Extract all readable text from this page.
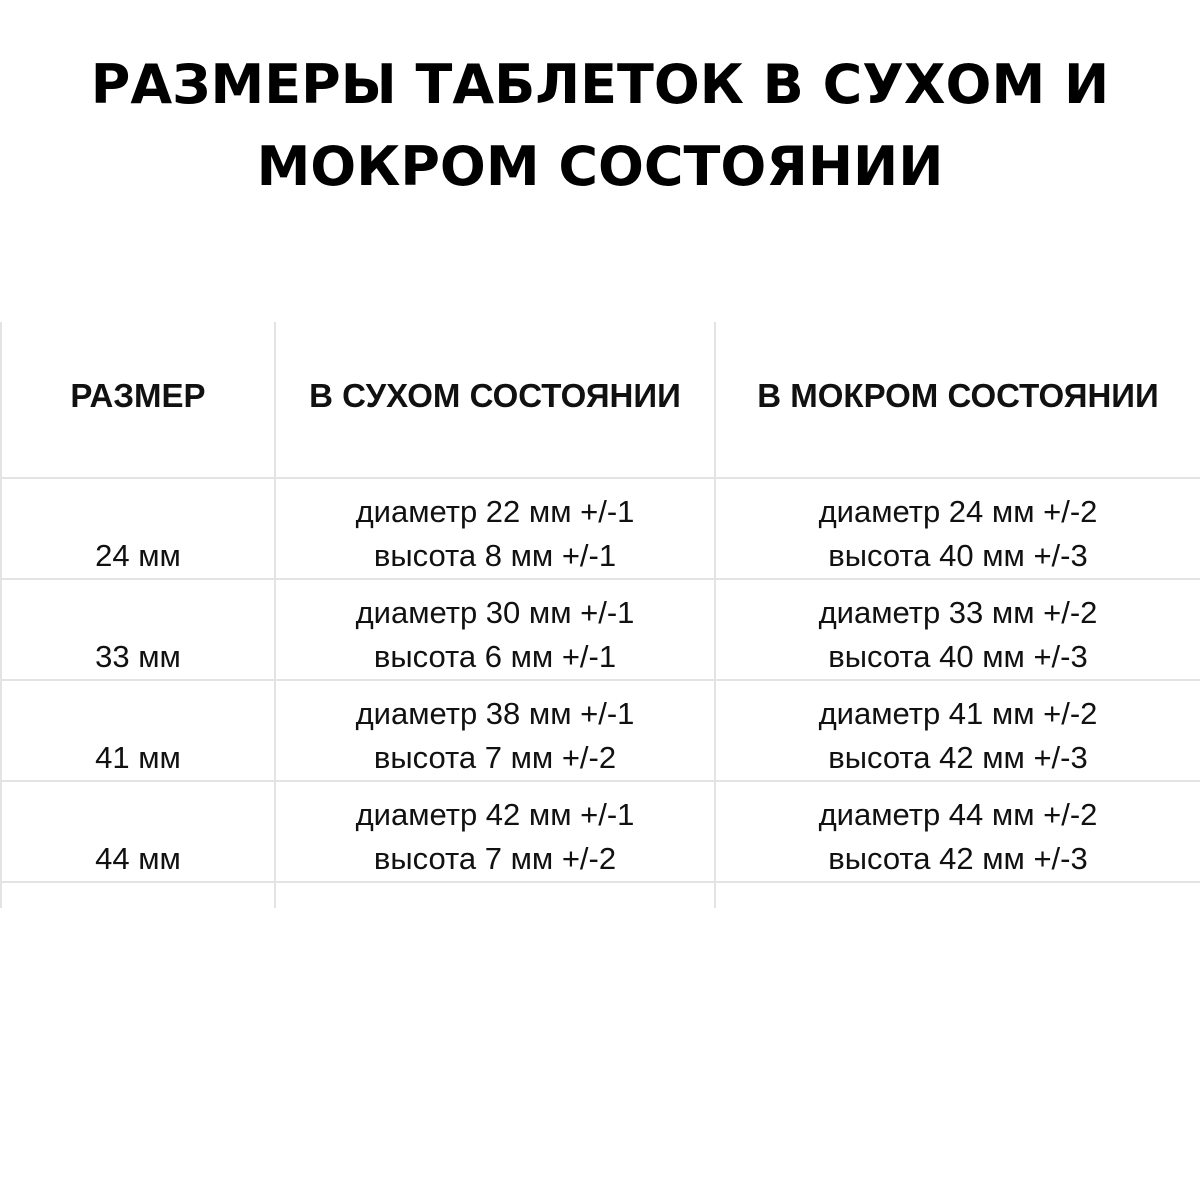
РАЗМЕРЫ ТАБЛЕТОК В СУХОМ И
МОКРОМ СОСТОЯНИИ
РАЗМЕР	В СУХОМ СОСТОЯНИИ	В МОКРОМ СОСТОЯНИИ
24 мм
диаметр 22 мм +/-1
высота 8 мм +/-1
диаметр 24 мм +/-2
высота 40 мм +/-3
33 мм
диаметр 30 мм +/-1
высота 6 мм +/-1
диаметр 33 мм +/-2
высота 40 мм +/-3
41 мм
диаметр 38 мм +/-1
высота 7 мм +/-2
диаметр 41 мм +/-2
высота 42 мм +/-3
44 мм
диаметр 42 мм +/-1
высота 7 мм +/-2
диаметр 44 мм +/-2
высота 42 мм +/-3
